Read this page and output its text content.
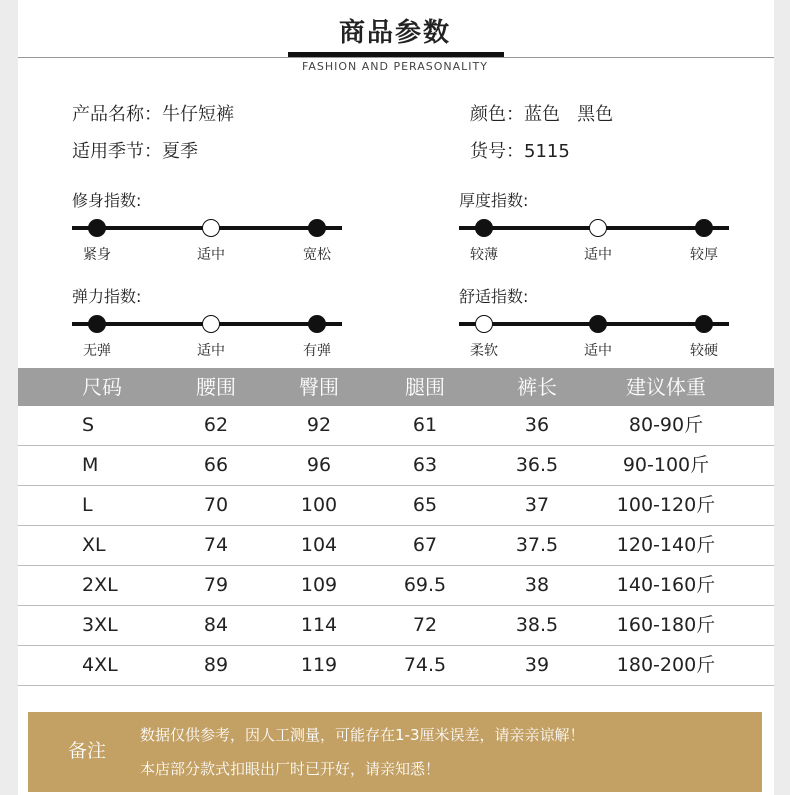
商品参数
FASHION AND PERASONALITY
产品名称：牛仔短裤
适用季节：夏季
颜色：蓝色   黑色
货号：5115
修身指数:
紧身	适中	宽松
厚度指数:
较薄	适中	较厚
弹力指数:
无弹	适中	有弹
舒适指数:
柔软	适中	较硬
尺码	腰围	臀围	腿围	裤长	建议体重
S	62	92	61	36	80-90斤
M	66	96	63	36.5	90-100斤
L	70	100	65	37	100-120斤
XL	74	104	67	37.5	120-140斤
2XL	79	109	69.5	38	140-160斤
3XL	84	114	72	38.5	160-180斤
4XL	89	119	74.5	39	180-200斤
备注
数据仅供参考，因人工测量，可能存在1-3厘米误差，请亲亲谅解！
本店部分款式扣眼出厂时已开好，请亲知悉！
